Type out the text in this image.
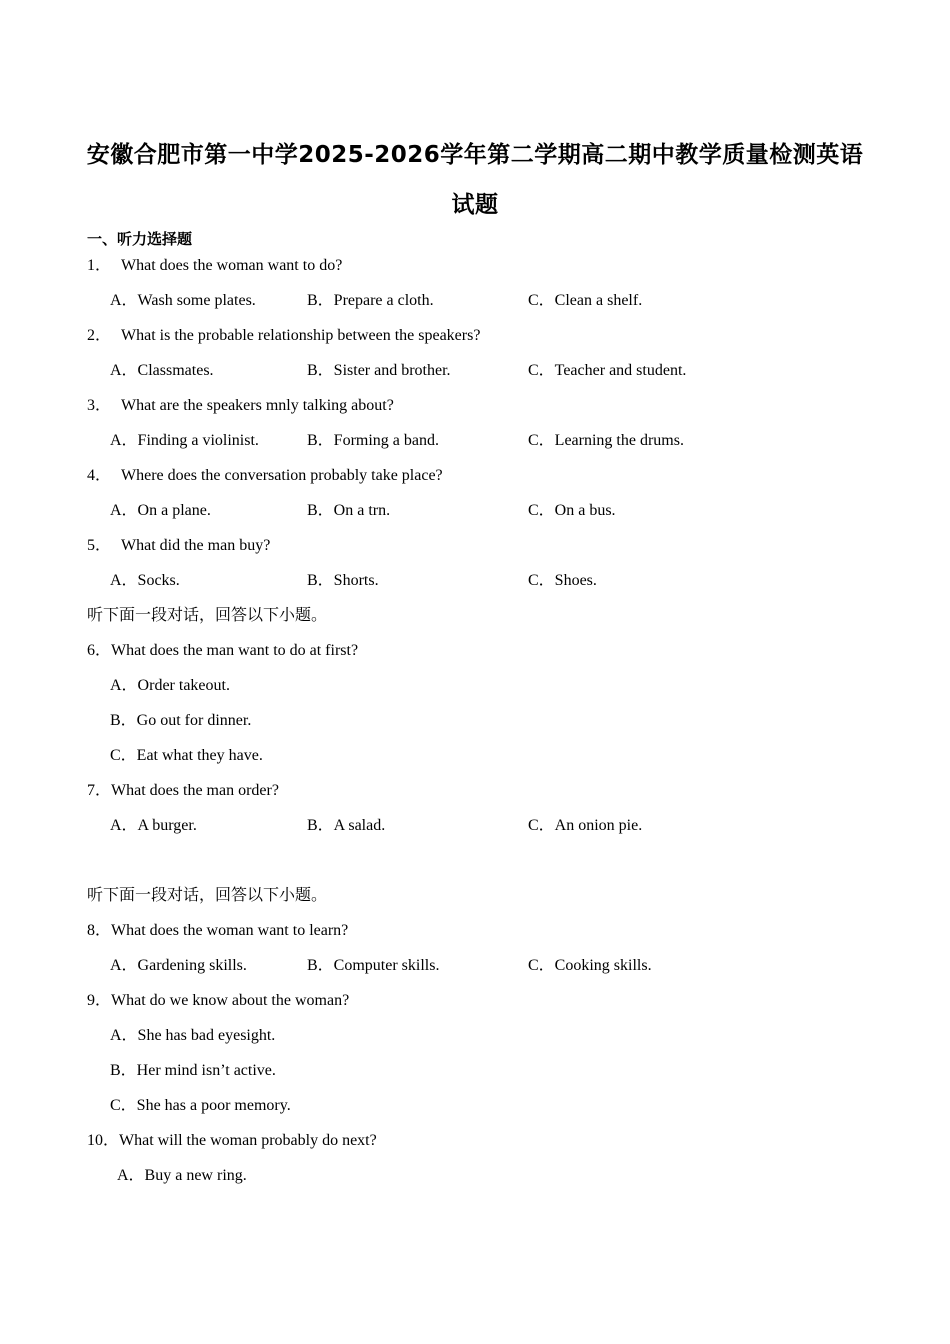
安徽合肥市第一中学2025-2026学年第二学期高二期中教学质量检测英语
试题
一、听力选择题
1． What does the woman want to do?
A．Wash some plates.	B．Prepare a cloth.	C．Clean a shelf.
2． What is the probable relationship between the speakers?
A．Classmates.	B．Sister and brother.	C．Teacher and student.
3． What are the speakers mnly talking about?
A．Finding a violinist.	B．Forming a band.	C．Learning the drums.
4． Where does the conversation probably take place?
A．On a plane.	B．On a trn.	C．On a bus.
5． What did the man buy?
A．Socks.	B．Shorts.	C．Shoes.
听下面一段对话，回答以下小题。
6．What does the man want to do at first?
A．Order takeout.
B．Go out for dinner.
C．Eat what they have.
7．What does the man order?
A．A burger.	B．A salad.	C．An onion pie.
听下面一段对话，回答以下小题。
8．What does the woman want to learn?
A．Gardening skills.	B．Computer skills.	C．Cooking skills.
9．What do we know about the woman?
A．She has bad eyesight.
B．Her mind isn’t active.
C．She has a poor memory.
10．What will the woman probably do next?
A．Buy a new ring.
